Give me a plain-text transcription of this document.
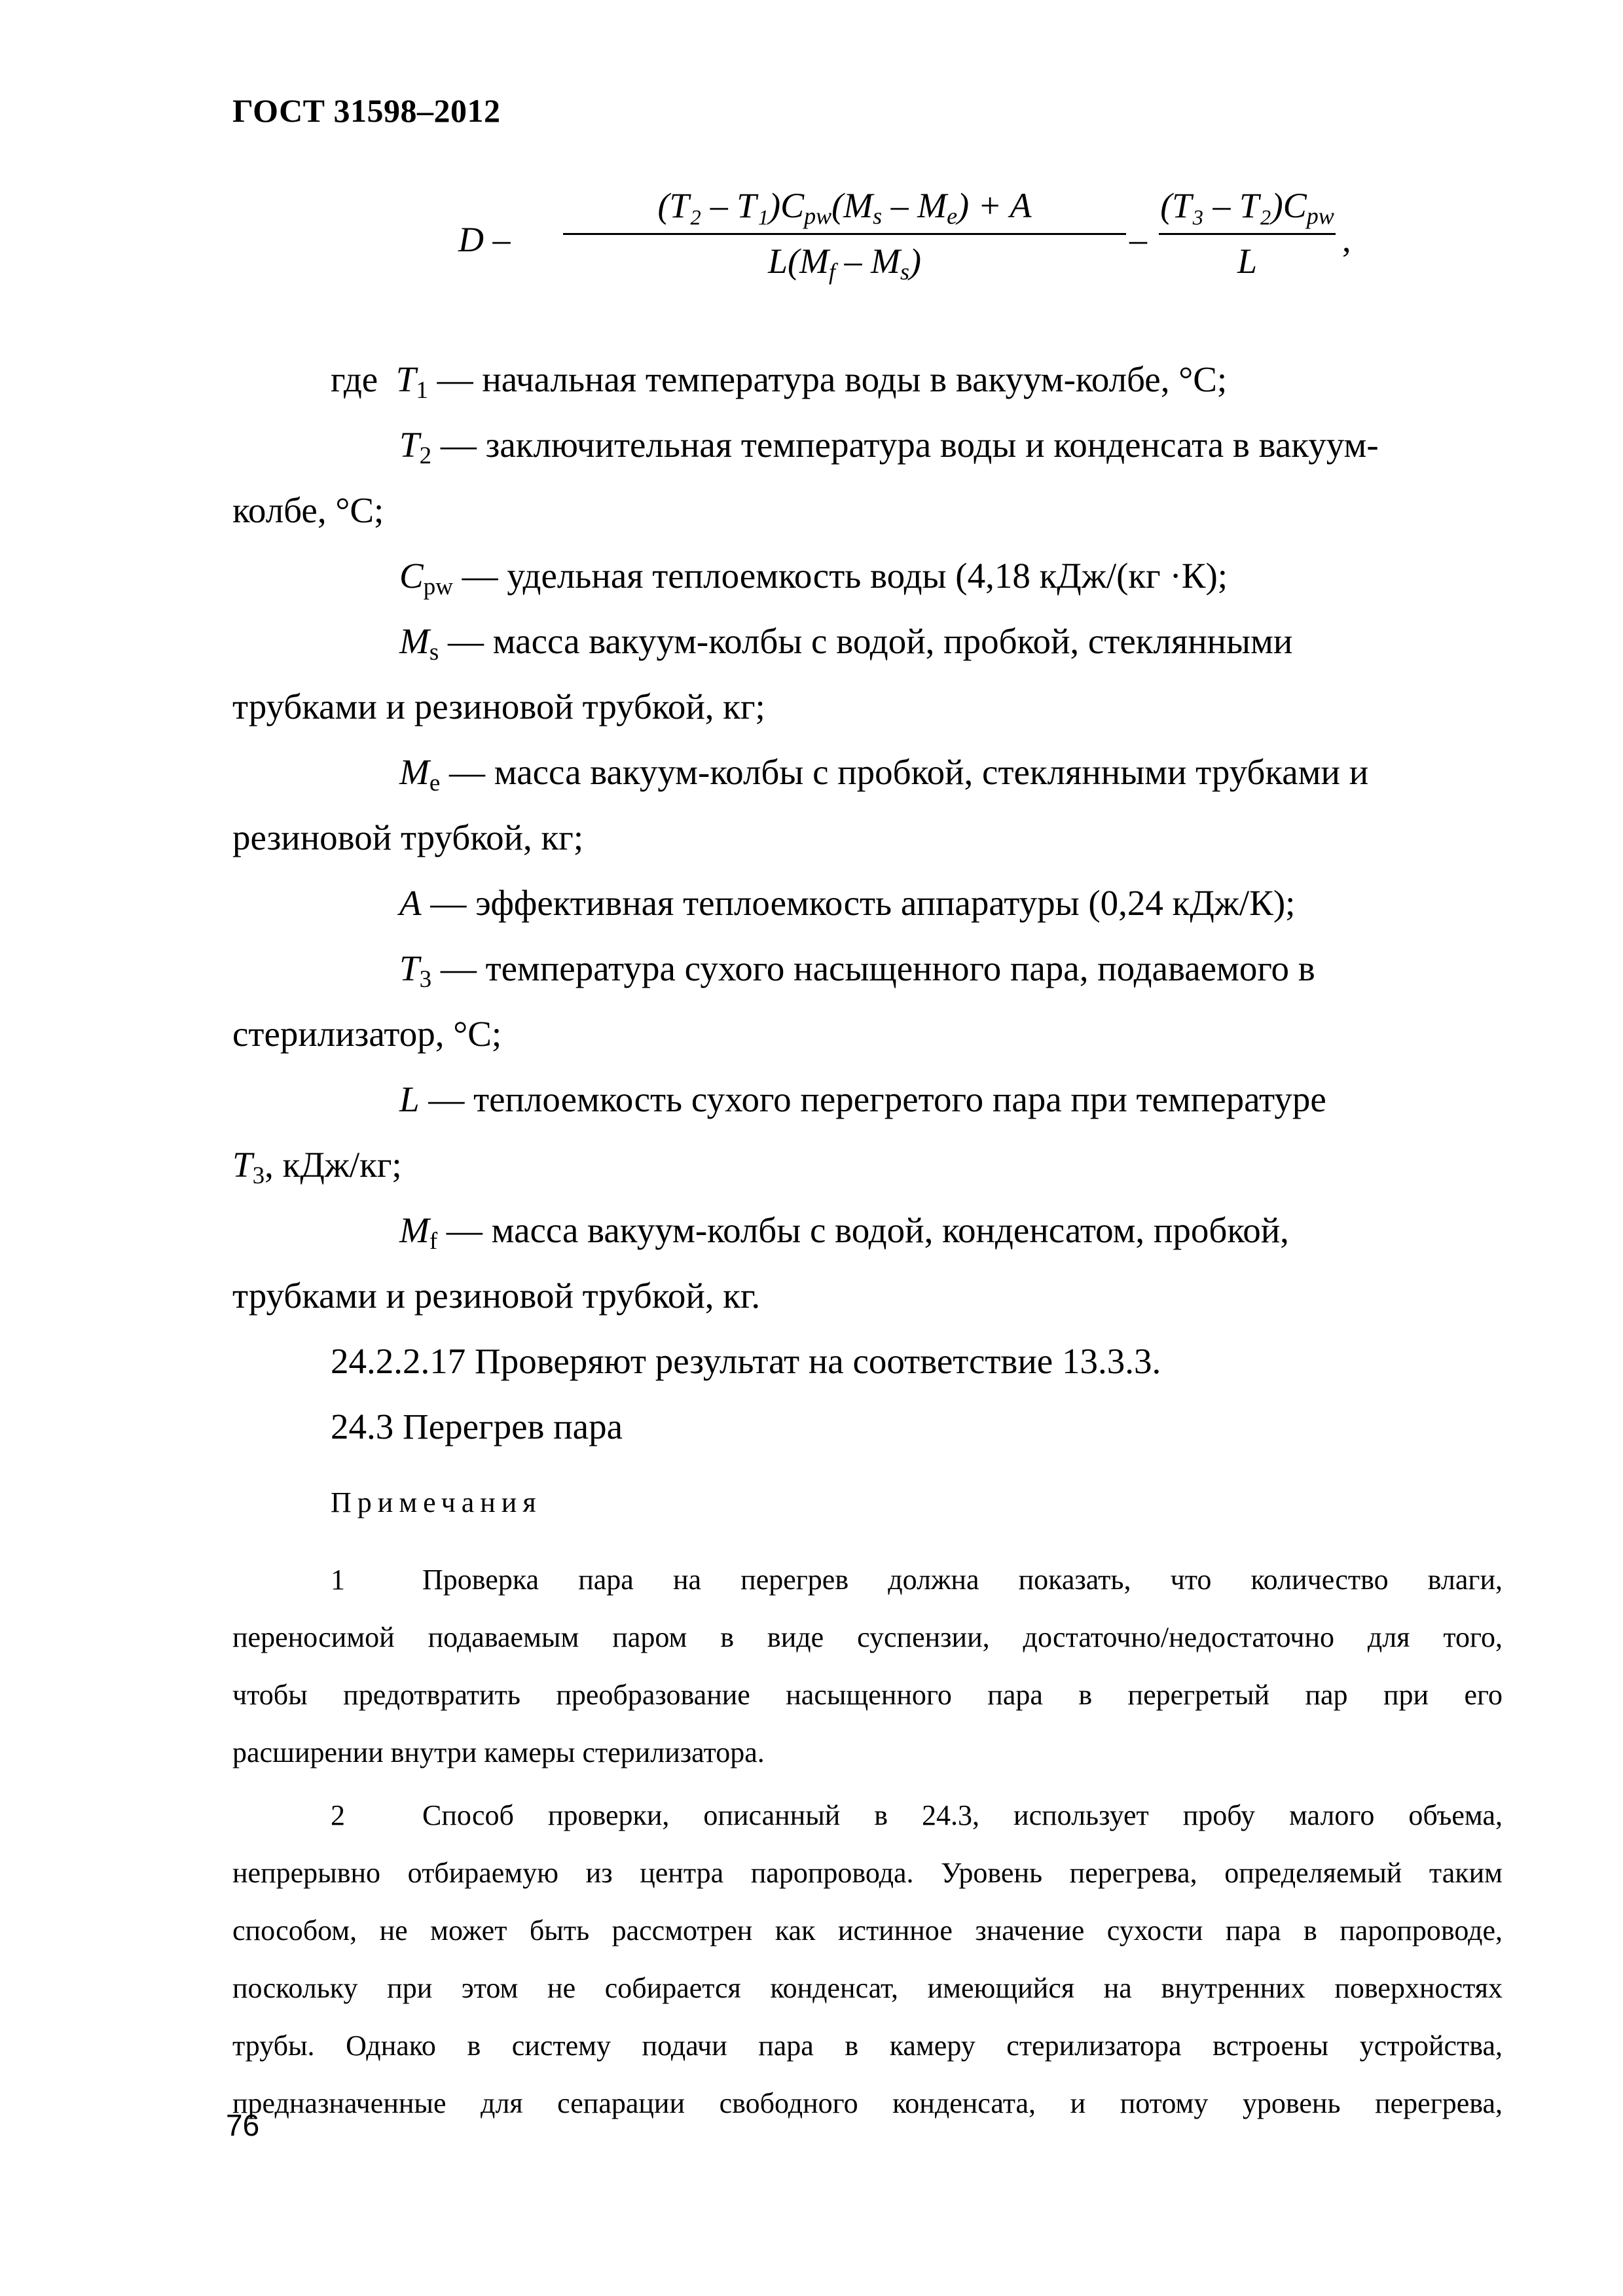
ГОСТ 31598–2012
D –
$(T_2 - T_1)C_{pw}(M_s - M_e) + A$
$L(M_f - M_s)$
–
$(T_3 - T_2)C_{pw}$
L
,
где $T_1$ — начальная температура воды в вакуум-колбе, °С;
$T_2$ — заключительная температура воды и конденсата в вакуум-
колбе, °С;
$C_{pw}$ — удельная теплоемкость воды (4,18 кДж/(кг ·К);
$M_s$ — масса вакуум-колбы с водой, пробкой, стеклянными
трубками и резиновой трубкой, кг;
$M_e$ — масса вакуум-колбы с пробкой, стеклянными трубками и
резиновой трубкой, кг;
A — эффективная теплоемкость аппаратуры (0,24 кДж/К);
$T_3$ — температура сухого насыщенного пара, подаваемого в
стерилизатор, °С;
L — теплоемкость сухого перегретого пара при температуре
$T_3$, кДж/кг;
$M_f$ — масса вакуум-колбы с водой, конденсатом, пробкой,
трубками и резиновой трубкой, кг.
24.2.2.17 Проверяют результат на соответствие 13.3.3.
24.3 Перегрев пара
Примечания
1	Проверка пара на перегрев должна показать, что количество влаги,
переносимой подаваемым паром в виде суспензии, достаточно/недостаточно для того,
чтобы предотвратить преобразование насыщенного пара в перегретый пар при его
расширении внутри камеры стерилизатора.
2	Способ проверки, описанный в 24.3, использует пробу малого объема,
непрерывно отбираемую из центра паропровода. Уровень перегрева, определяемый таким
способом, не может быть рассмотрен как истинное значение сухости пара в паропроводе,
поскольку при этом не собирается конденсат, имеющийся на внутренних поверхностях
трубы. Однако в систему подачи пара в камеру стерилизатора встроены устройства,
предназначенные для сепарации свободного конденсата, и потому уровень перегрева,
76
